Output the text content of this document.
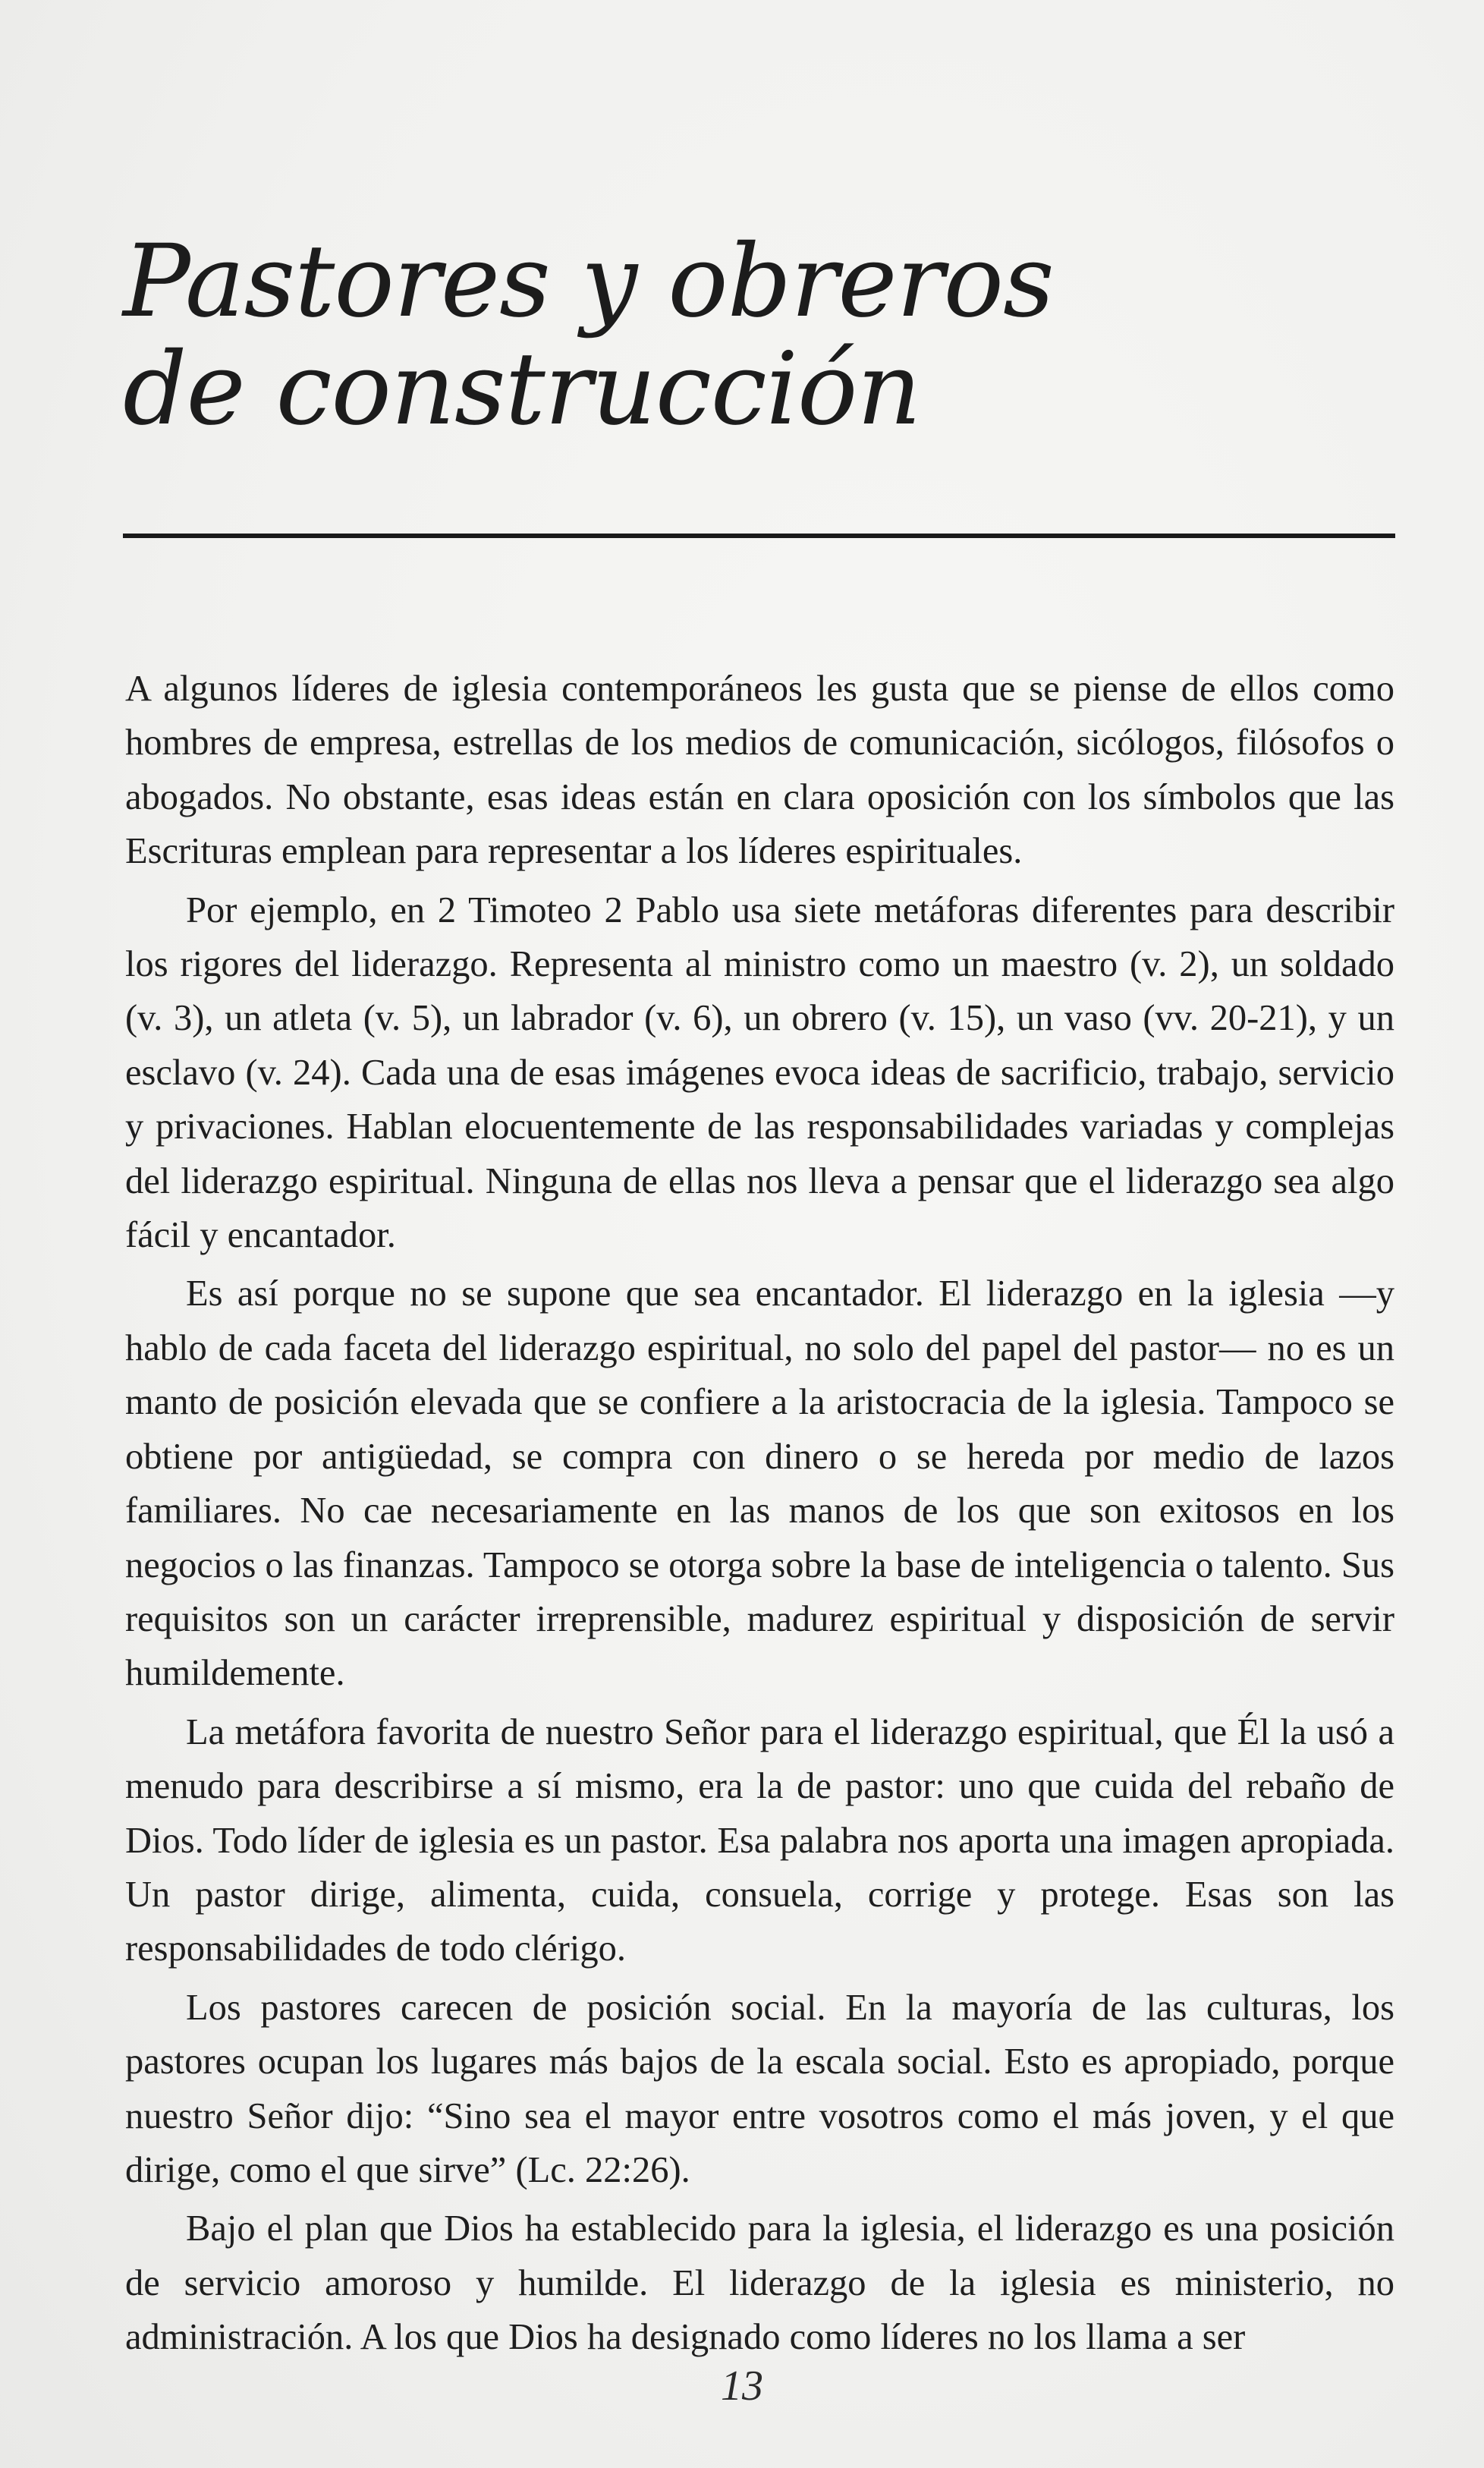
Pastores y obreros
de construcción

A algunos líderes de iglesia contemporáneos les gusta que se piense de ellos como hombres de empresa, estrellas de los medios de comunicación, sicólogos, filósofos o abogados. No obstante, esas ideas están en clara oposición con los símbolos que las Escrituras emplean para representar a los líderes espirituales.

Por ejemplo, en 2 Timoteo 2 Pablo usa siete metáforas diferentes para describir los rigores del liderazgo. Representa al ministro como un maestro (v. 2), un soldado (v. 3), un atleta (v. 5), un labrador (v. 6), un obrero (v. 15), un vaso (vv. 20-21), y un esclavo (v. 24). Cada una de esas imágenes evoca ideas de sacrificio, trabajo, servicio y privaciones. Hablan elocuentemente de las responsabilidades variadas y complejas del liderazgo espiritual. Ninguna de ellas nos lleva a pensar que el liderazgo sea algo fácil y encantador.

Es así porque no se supone que sea encantador. El liderazgo en la iglesia —y hablo de cada faceta del liderazgo espiritual, no solo del papel del pastor— no es un manto de posición elevada que se confiere a la aristocracia de la iglesia. Tampoco se obtiene por antigüedad, se compra con dinero o se hereda por medio de lazos familiares. No cae necesariamente en las manos de los que son exitosos en los negocios o las finanzas. Tampoco se otorga sobre la base de inteligencia o talento. Sus requisitos son un carácter irreprensible, madurez espiritual y disposición de servir humildemente.

La metáfora favorita de nuestro Señor para el liderazgo espiritual, que Él la usó a menudo para describirse a sí mismo, era la de pastor: uno que cuida del rebaño de Dios. Todo líder de iglesia es un pastor. Esa palabra nos aporta una imagen apropiada. Un pastor dirige, alimenta, cuida, consuela, corrige y protege. Esas son las responsabilidades de todo clérigo.

Los pastores carecen de posición social. En la mayoría de las culturas, los pastores ocupan los lugares más bajos de la escala social. Esto es apropiado, porque nuestro Señor dijo: “Sino sea el mayor entre vosotros como el más joven, y el que dirige, como el que sirve” (Lc. 22:26).

Bajo el plan que Dios ha establecido para la iglesia, el liderazgo es una posición de servicio amoroso y humilde. El liderazgo de la iglesia es ministerio, no administración. A los que Dios ha designado como líderes no los llama a ser

13
